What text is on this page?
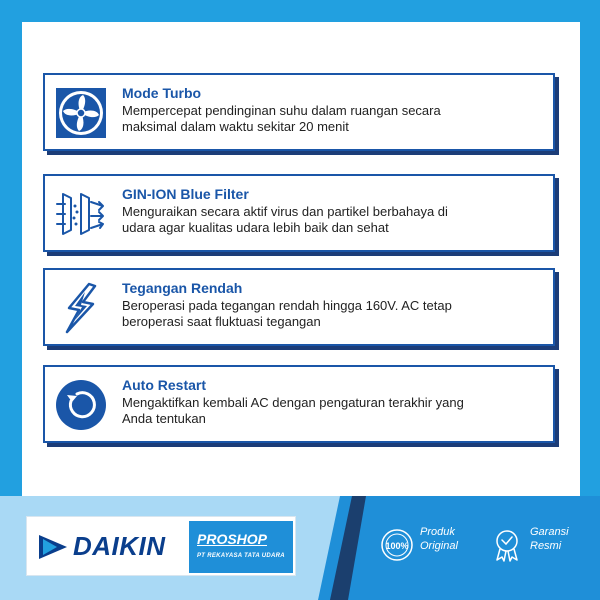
Mode Turbo
Mempercepat pendinginan suhu dalam ruangan secara
maksimal dalam waktu sekitar 20 menit
GIN-ION Blue Filter
Menguraikan secara aktif virus dan partikel berbahaya di
udara agar kualitas udara lebih baik dan sehat
Tegangan Rendah
Beroperasi pada tegangan rendah hingga 160V. AC tetap
beroperasi saat fluktuasi tegangan
Auto Restart
Mengaktifkan kembali AC dengan pengaturan terakhir yang
Anda tentukan
DAIKIN PROSHOP
PT REKAYASA TATA UDARA
100%
Produk
Original
Garansi
Resmi
